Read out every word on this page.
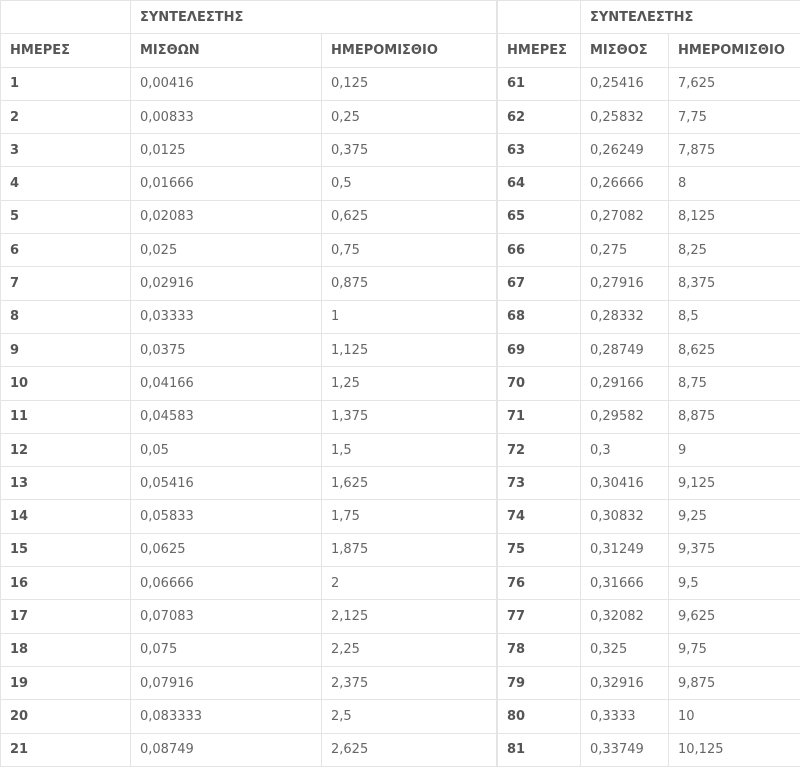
	ΣΥΝΤΕΛΕΣΤΗΣ	
ΗΜΕΡΕΣ	ΜΙΣΘΩΝ	ΗΜΕΡΟΜΙΣΘΙΟ
1	0,00416	0,125
2	0,00833	0,25
3	0,0125	0,375
4	0,01666	0,5
5	0,02083	0,625
6	0,025	0,75
7	0,02916	0,875
8	0,03333	1
9	0,0375	1,125
10	0,04166	1,25
11	0,04583	1,375
12	0,05	1,5
13	0,05416	1,625
14	0,05833	1,75
15	0,0625	1,875
16	0,06666	2
17	0,07083	2,125
18	0,075	2,25
19	0,07916	2,375
20	0,083333	2,5
21	0,08749	2,625
	ΣΥΝΤΕΛΕΣΤΗΣ	
ΗΜΕΡΕΣ	ΜΙΣΘΟΣ	ΗΜΕΡΟΜΙΣΘΙΟ
61	0,25416	7,625
62	0,25832	7,75
63	0,26249	7,875
64	0,26666	8
65	0,27082	8,125
66	0,275	8,25
67	0,27916	8,375
68	0,28332	8,5
69	0,28749	8,625
70	0,29166	8,75
71	0,29582	8,875
72	0,3	9
73	0,30416	9,125
74	0,30832	9,25
75	0,31249	9,375
76	0,31666	9,5
77	0,32082	9,625
78	0,325	9,75
79	0,32916	9,875
80	0,3333	10
81	0,33749	10,125
